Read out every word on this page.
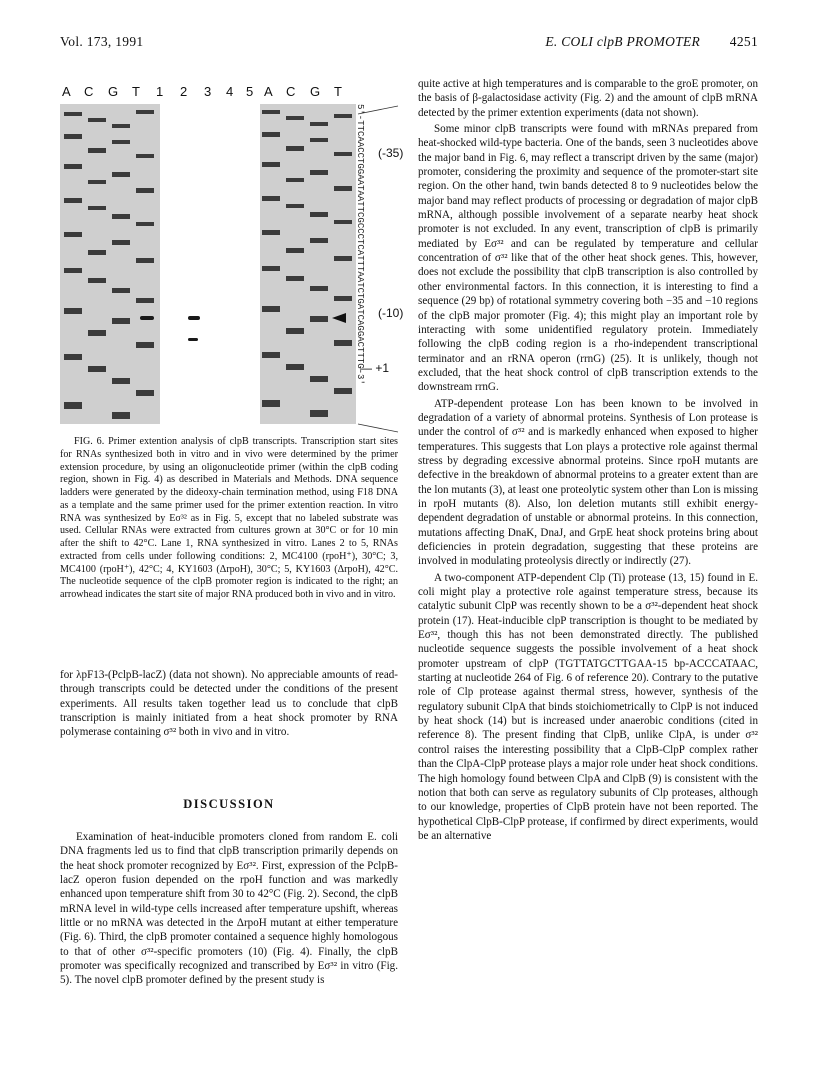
Vol. 173, 1991	E. COLI clpB PROMOTER 4251
A C G T 1 2 3 4 5 A C G T
5'-TTCAACCTGGAATAATTCGCCCTCATTTAATCTGATCAGGACTTTG-3' (-35)
(-10)
— +1

FIG. 6. Primer extention analysis of clpB transcripts. Transcription start sites for RNAs synthesized both in vitro and in vivo were determined by the primer extension procedure, by using an oligonucleotide primer (within the clpB coding region, shown in Fig. 4) as described in Materials and Methods. DNA sequence ladders were generated by the dideoxy-chain termination method, using F18 DNA as a template and the same primer used for the primer extention reaction. In vitro RNA was synthesized by Eσ³² as in Fig. 5, except that no labeled substrate was used. Cellular RNAs were extracted from cultures grown at 30°C or for 10 min after the shift to 42°C. Lane 1, RNA synthesized in vitro. Lanes 2 to 5, RNAs extracted from cells under following conditions: 2, MC4100 (rpoH⁺), 30°C; 3, MC4100 (rpoH⁺), 42°C; 4, KY1603 (ΔrpoH), 30°C; 5, KY1603 (ΔrpoH), 42°C. The nucleotide sequence of the clpB promoter region is indicated to the right; an arrowhead indicates the start site of major RNA produced both in vivo and in vitro.

for λpF13-(PclpB-lacZ) (data not shown). No appreciable amounts of read-through transcripts could be detected under the conditions of the present experiments. All results taken together lead us to conclude that clpB transcription is mainly initiated from a heat shock promoter by RNA polymerase containing σ³² both in vivo and in vitro.

DISCUSSION

Examination of heat-inducible promoters cloned from random E. coli DNA fragments led us to find that clpB transcription primarily depends on the heat shock promoter recognized by Eσ³². First, expression of the PclpB-lacZ operon fusion depended on the rpoH function and was markedly enhanced upon temperature shift from 30 to 42°C (Fig. 2). Second, the clpB mRNA level in wild-type cells increased after temperature upshift, whereas little or no mRNA was detected in the ΔrpoH mutant at either temperature (Fig. 6). Third, the clpB promoter contained a sequence highly homologous to that of other σ³²-specific promoters (10) (Fig. 4). Finally, the clpB promoter was specifically recognized and transcribed by Eσ³² in vitro (Fig. 5). The novel clpB promoter defined by the present study is

quite active at high temperatures and is comparable to the groE promoter, on the basis of β-galactosidase activity (Fig. 2) and the amount of clpB mRNA detected by the primer extention experiments (data not shown).

Some minor clpB transcripts were found with mRNAs prepared from heat-shocked wild-type bacteria. One of the bands, seen 3 nucleotides above the major band in Fig. 6, may reflect a transcript driven by the same (major) promoter, considering the proximity and sequence of the promoter-start site region. On the other hand, twin bands detected 8 to 9 nucleotides below the major band may reflect products of processing or degradation of major clpB mRNA, although possible involvement of a separate nearby heat shock promoter is not excluded. In any event, transcription of clpB is primarily mediated by Eσ³² and can be regulated by temperature and cellular concentration of σ³² like that of the other heat shock genes. This, however, does not exclude the possibility that clpB transcription is also controlled by other environmental factors. In this connection, it is interesting to find a sequence (29 bp) of rotational symmetry covering both −35 and −10 regions of the clpB major promoter (Fig. 4); this might play an important role by interacting with some unidentified regulatory protein. Immediately following the clpB coding region is a rho-independent transcriptional terminator and an rRNA operon (rrnG) (25). It is unlikely, though not excluded, that the heat shock control of clpB transcription extends to the downstream rrnG.

ATP-dependent protease Lon has been known to be involved in degradation of a variety of abnormal proteins. Synthesis of Lon protease is under the control of σ³² and is markedly enhanced when exposed to higher temperatures. This suggests that Lon plays a protective role against thermal stress by degrading excessive abnormal proteins. Since rpoH mutants are defective in the breakdown of abnormal proteins to a greater extent than are the lon mutants (3), at least one proteolytic system other than Lon is missing in rpoH mutants (8). Also, lon deletion mutants still exhibit energy-dependent degradation of unstable or abnormal proteins. In this connection, mutations affecting DnaK, DnaJ, and GrpE heat shock proteins bring about deficiencies in protein degradation, suggesting that these proteins are involved in modulating proteolysis directly or indirectly (27).

A two-component ATP-dependent Clp (Ti) protease (13, 15) found in E. coli might play a protective role against temperature stress, because its catalytic subunit ClpP was recently shown to be a σ³²-dependent heat shock protein (17). Heat-inducible clpP transcription is thought to be mediated by Eσ³², though this has not been demonstrated directly. The published nucleotide sequence suggests the possible involvement of a heat shock promoter upstream of clpP (TGTTATGCTTGAA-15 bp-ACCCATAAC, starting at nucleotide 264 of Fig. 6 of reference 20). Contrary to the putative role of Clp protease against thermal stress, however, synthesis of the regulatory subunit ClpA that binds stoichiometrically to ClpP is not induced by heat shock (14) but is increased under anaerobic conditions (cited in reference 8). The present finding that ClpB, unlike ClpA, is under σ³² control raises the interesting possibility that a ClpB-ClpP complex rather than the ClpA-ClpP protease plays a major role under heat shock conditions. The high homology found between ClpA and ClpB (9) is consistent with the notion that both can serve as regulatory subunits of Clp proteases, although to our knowledge, properties of ClpB protein have not been reported. The hypothetical ClpB-ClpP protease, if confirmed by direct experiments, would be an alternative
